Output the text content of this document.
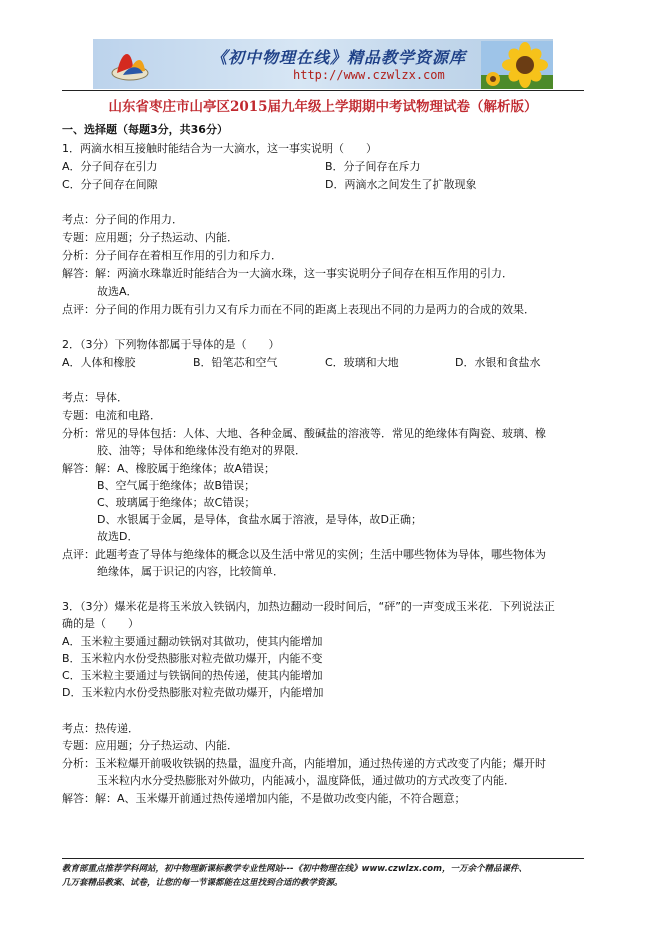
《初中物理在线》精品教学资源库
http://www.czwlzx.com
山东省枣庄市山亭区2015届九年级上学期期中考试物理试卷（解析版）
一、选择题（每题3分，共36分）
1．两滴水相互接触时能结合为一大滴水，这一事实说明（　　）
A．分子间存在引力	B．分子间存在斥力
C．分子间存在间隙	D．两滴水之间发生了扩散现象
考点：分子间的作用力．
专题：应用题；分子热运动、内能．
分析：分子间存在着相互作用的引力和斥力．
解答：解：两滴水珠靠近时能结合为一大滴水珠，这一事实说明分子间存在相互作用的引力．
故选A．
点评：分子间的作用力既有引力又有斥力而在不同的距离上表现出不同的力是两力的合成的效果．
2．（3分）下列物体都属于导体的是（　　）
A．人体和橡胶	B．铅笔芯和空气	C．玻璃和大地	D．水银和食盐水
考点：导体．
专题：电流和电路．
分析：常见的导体包括：人体、大地、各种金属、酸碱盐的溶液等．常见的绝缘体有陶瓷、玻璃、橡
胶、油等；导体和绝缘体没有绝对的界限．
解答：解：A、橡胶属于绝缘体；故A错误；
B、空气属于绝缘体；故B错误；
C、玻璃属于绝缘体；故C错误；
D、水银属于金属，是导体，食盐水属于溶液，是导体，故D正确；
故选D．
点评：此题考查了导体与绝缘体的概念以及生活中常见的实例；生活中哪些物体为导体，哪些物体为
绝缘体，属于识记的内容，比较简单．
3．（3分）爆米花是将玉米放入铁锅内，加热边翻动一段时间后，“砰”的一声变成玉米花．下列说法正
确的是（　　）
A．玉米粒主要通过翻动铁锅对其做功，使其内能增加
B．玉米粒内水份受热膨胀对粒壳做功爆开，内能不变
C．玉米粒主要通过与铁锅间的热传递，使其内能增加
D．玉米粒内水份受热膨胀对粒壳做功爆开，内能增加
考点：热传递．
专题：应用题；分子热运动、内能．
分析：玉米粒爆开前吸收铁锅的热量，温度升高，内能增加，通过热传递的方式改变了内能；爆开时
玉米粒内水分受热膨胀对外做功，内能减小，温度降低，通过做功的方式改变了内能．
解答：解：A、玉米爆开前通过热传递增加内能，不是做功改变内能，不符合题意；
教育部重点推荐学科网站，初中物理新课标教学专业性网站---《初中物理在线》www.czwlzx.com，一万余个精品课件、
几万套精品教案、试卷，让您的每一节课都能在这里找到合适的教学资源。
